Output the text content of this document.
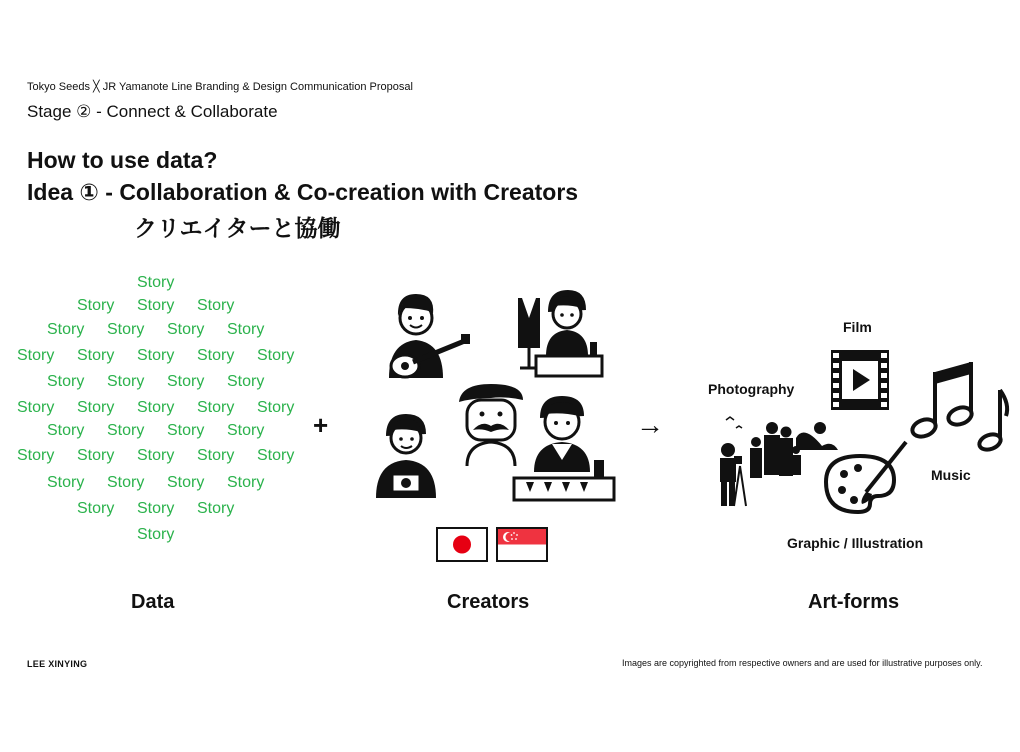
Tokyo Seeds ╳ JR Yamanote Line Branding & Design Communication Proposal
Stage ② - Connect & Collaborate
How to use data?
Idea ① - Collaboration & Co-creation with Creators
クリエイターと協働
Story
Story Story Story
Story Story Story Story
Story Story Story Story Story
Story Story Story Story
Story Story Story Story Story
Story Story Story Story
Story Story Story Story Story
Story Story Story Story
Story Story Story
Story
+	→
Film
Photography
Music
Graphic / Illustration
Data	Creators	Art-forms
LEE XINYING	Images are copyrighted from respective owners and are used for illustrative purposes only.
